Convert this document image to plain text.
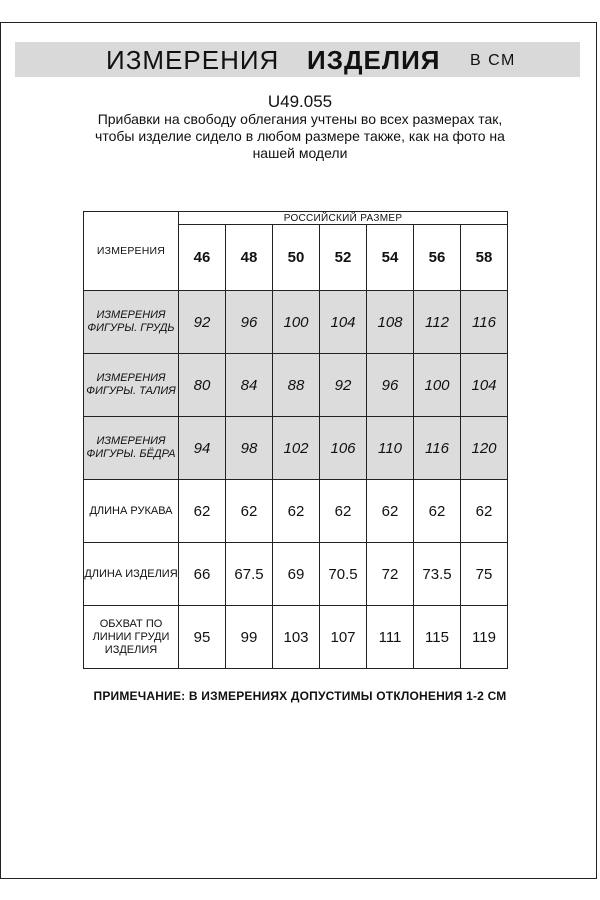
ИЗМЕРЕНИЯ ИЗДЕЛИЯ В СМ
U49.055
Прибавки на свободу облегания учтены во всех размерах так,
чтобы изделие сидело в любом размере также, как на фото на
нашей модели
ИЗМЕРЕНИЯ	РОССИЙСКИЙ РАЗМЕР						
	46	48	50	52	54	56	58

ИЗМЕРЕНИЯ
ФИГУРЫ. ГРУДЬ	92	96	100	104	108	112	116

ИЗМЕРЕНИЯ
ФИГУРЫ. ТАЛИЯ	80	84	88	92	96	100	104

ИЗМЕРЕНИЯ
ФИГУРЫ. БЁДРА	94	98	102	106	110	116	120

ДЛИНА РУКАВА	62	62	62	62	62	62	62

ДЛИНА ИЗДЕЛИЯ	66	67.5	69	70.5	72	73.5	75

ОБХВАТ ПО
ЛИНИИ ГРУДИ
ИЗДЕЛИЯ	95	99	103	107	111	115	119
ПРИМЕЧАНИЕ: В ИЗМЕРЕНИЯХ ДОПУСТИМЫ ОТКЛОНЕНИЯ 1-2 СМ
